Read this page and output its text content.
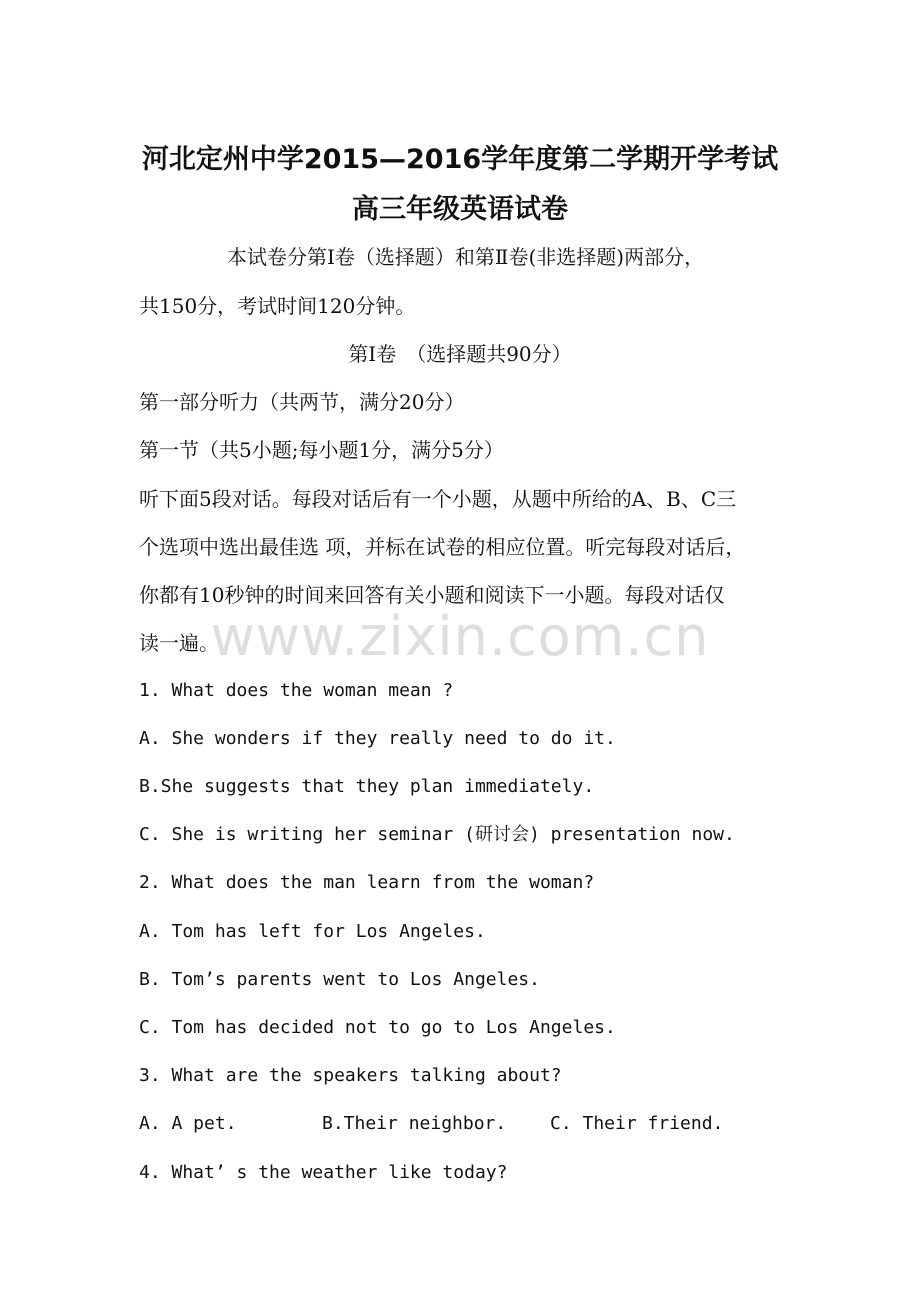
河北定州中学2015—2016学年度第二学期开学考试
高三年级英语试卷
本试卷分第Ⅰ卷（选择题）和第Ⅱ卷(非选择题)两部分，
共150分，考试时间120分钟。
第Ⅰ卷　（选择题共90分）
第一部分听力（共两节，满分20分）
第一节（共5小题;每小题1分，满分5分）
听下面5段对话。每段对话后有一个小题，从题中所给的A、B、C三
个选项中选出最佳选 项，并标在试卷的相应位置。听完每段对话后，
你都有10秒钟的时间来回答有关小题和阅读下一小题。每段对话仅
读一遍。
1. What does the woman mean ?
A. She wonders if they really need to do it.
B.She suggests that they plan immediately.
C. She is writing her seminar (研讨会) presentation now.
2. What does the man learn from the woman?
A. Tom has left for Los Angeles.
B. Tom’s parents went to Los Angeles.
C. Tom has decided not to go to Los Angeles.
3. What are the speakers talking about?
A. A pet.	B.Their neighbor. C. Their friend.
4. What’ s the weather like today?
www.zixin.com.cn
